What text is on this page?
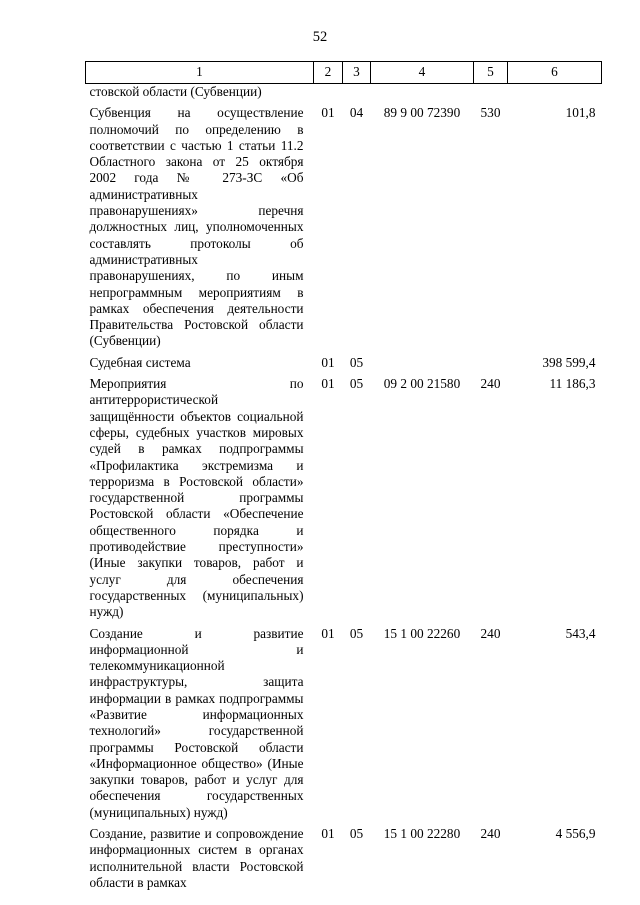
52
1	2	3	4	5	6
стовской области (Субвенции)					

Субвенция на осуществление полномочий по определению в соответствии с частью 1 статьи 11.2 Областного закона от 25 октября 2002 года № 273-ЗС «Об административных правонарушениях» перечня должностных лиц, уполномоченных составлять протоколы об административных правонарушениях, по иным непрограммным мероприятиям в рамках обеспечения деятельности Правительства Ростовской области (Субвенции)	01	04	89 9 00 72390	530	101,8

Судебная система	01	05			398 599,4

Мероприятия по антитеррористической защищённости объектов социальной сферы, судебных участков мировых судей в рамках подпрограммы «Профилактика экстремизма и терроризма в Ростовской области» государственной программы Ростовской области «Обеспечение общественного порядка и противодействие преступности» (Иные закупки товаров, работ и услуг для обеспечения государственных (муниципальных) нужд)	01	05	09 2 00 21580	240	11 186,3

Создание и развитие информационной и телекоммуникационной инфраструктуры, защита информации в рамках подпрограммы «Развитие информационных технологий» государственной программы Ростовской области «Информационное общество» (Иные закупки товаров, работ и услуг для обеспечения государственных (муниципальных) нужд)	01	05	15 1 00 22260	240	543,4

Создание, развитие и сопровождение информационных систем в органах исполнительной власти Ростовской области в рамках	01	05	15 1 00 22280	240	4 556,9
